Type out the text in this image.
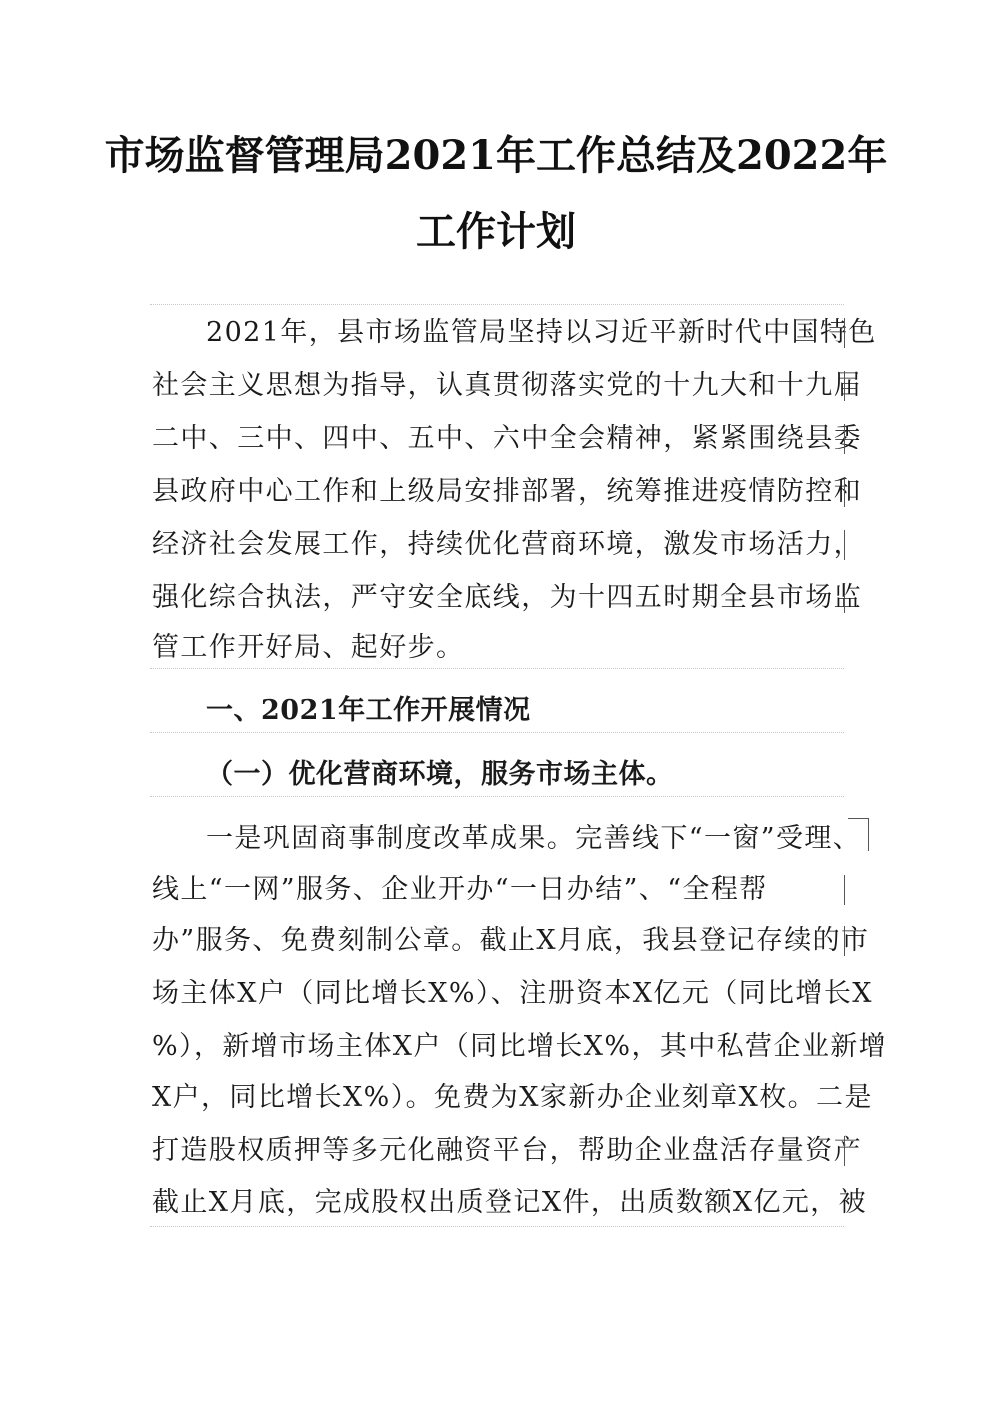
市场监督管理局2021年工作总结及2022年
工作计划
2021年，县市场监管局坚持以习近平新时代中国特色
社会主义思想为指导，认真贯彻落实党的十九大和十九届
二中、三中、四中、五中、六中全会精神，紧紧围绕县委
县政府中心工作和上级局安排部署，统筹推进疫情防控和
经济社会发展工作，持续优化营商环境，激发市场活力，
强化综合执法，严守安全底线，为十四五时期全县市场监
管工作开好局、起好步。
一、2021年工作开展情况
（一）优化营商环境，服务市场主体。
一是巩固商事制度改革成果。完善线下“一窗”受理、
线上“一网”服务、企业开办“一日办结”、“全程帮
办”服务、免费刻制公章。截止X月底，我县登记存续的市
场主体X户（同比增长X%）、注册资本X亿元（同比增长X
%），新增市场主体X户（同比增长X%，其中私营企业新增
X户，同比增长X%）。免费为X家新办企业刻章X枚。二是
打造股权质押等多元化融资平台，帮助企业盘活存量资产
截止X月底，完成股权出质登记X件，出质数额X亿元，被
